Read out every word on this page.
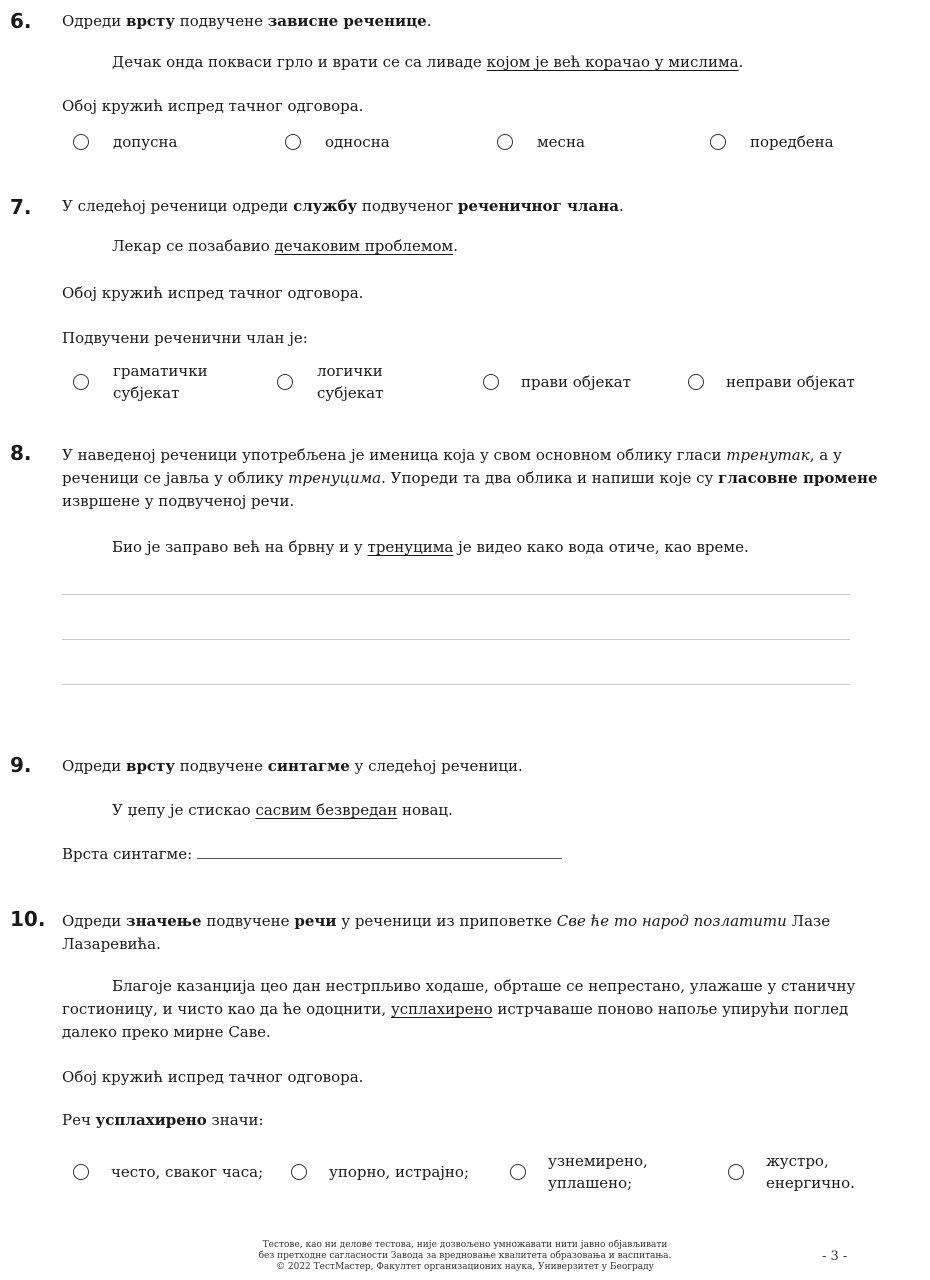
6. Одреди врсту подвучене зависне реченице.
Дечак онда покваси грло и врати се са ливаде којом је већ корачао у мислима.
Обој кружић испред тачног одговора.
допусна	односна	месна	поредбена
7. У следећој реченици одреди службу подвученог реченичног члана.
Лекар се позабавио дечаковим проблемом.
Обој кружић испред тачног одговора.
Подвучени реченични члан је:
граматички
субјекат
логички
субјекат
прави објекат	неправи објекат
8. У наведеној реченици употребљена је именица која у свом основном облику гласи тренутак, а у
реченици се јавља у облику тренуцима. Упореди та два облика и напиши које су гласовне промене
извршене у подвученој речи.
Био је заправо већ на брвну и у тренуцима је видео како вода отиче, као време.
9. Одреди врсту подвучене синтагме у следећој реченици.
У џепу је стискао сасвим безвредан новац.
Врста синтагме:
10. Одреди значење подвучене речи у реченици из приповетке Све ће то народ позлатити Лазе
Лазаревића.
Благоје казанџија цео дан нестрпљиво ходаше, обрташе се непрестано, улажаше у станичну
гостионицу, и чисто као да ће одоцнити, усплахирено истрчаваше поново напоље упирући поглед
далеко преко мирне Саве.
Обој кружић испред тачног одговора.
Реч усплахирено значи:
често, сваког часа;	упорно, истрајно;
узнемирено,
уплашено;
жустро,
енергично.
Тестове, као ни делове тестова, није дозвољено умножавати нити јавно објављивати
без претходне сагласности Завода за вредновање квалитета образовања и васпитања.
© 2022 ТестМастер, Факултет организационих наука, Универзитет у Београду
- 3 -
